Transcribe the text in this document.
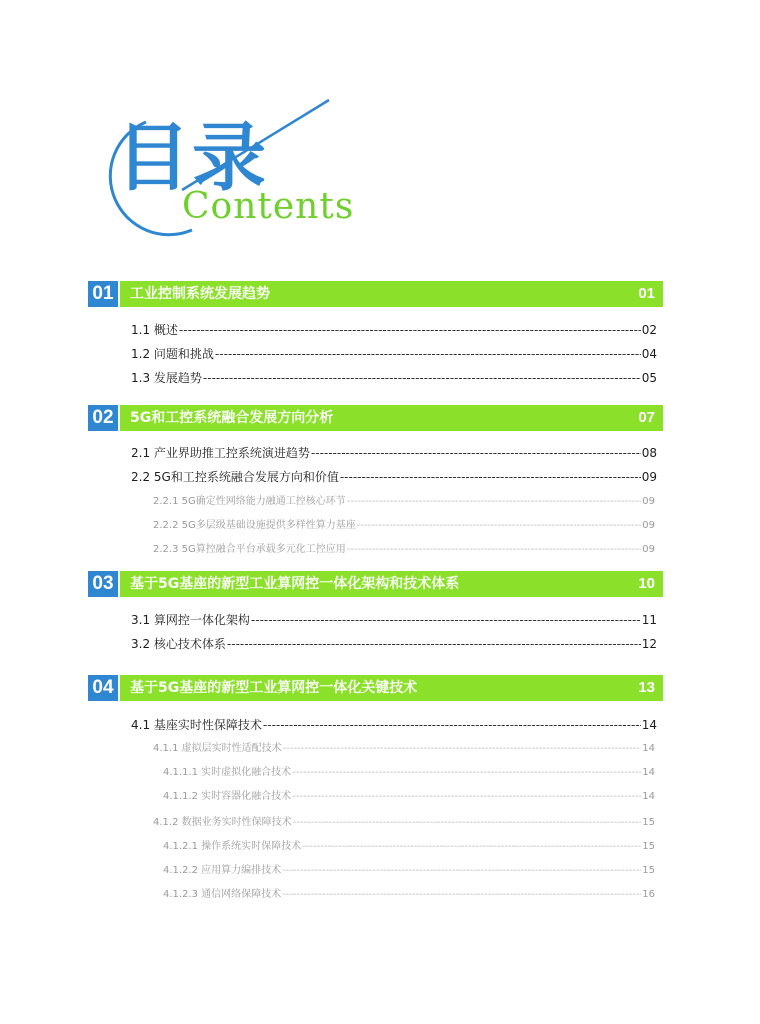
目录
Contents
01	工业控制系统发展趋势	01
1.1 概述 -----	02
1.2 问题和挑战 -----	04
1.3 发展趋势 -----	05
02	5G和工控系统融合发展方向分析	07
2.1 产业界助推工控系统演进趋势 -----	08
2.2 5G和工控系统融合发展方向和价值 -----	09
2.2.1 5G确定性网络能力融通工控核心环节 -----	09
2.2.2 5G多层级基础设施提供多样性算力基座 -----	09
2.2.3 5G算控融合平台承载多元化工控应用 -----	09
03	基于5G基座的新型工业算网控一体化架构和技术体系	10
3.1 算网控一体化架构 -----	11
3.2 核心技术体系 -----	12
04	基于5G基座的新型工业算网控一体化关键技术	13
4.1 基座实时性保障技术 -----	14
4.1.1 虚拟层实时性适配技术 -----	14
4.1.1.1 实时虚拟化融合技术 -----	14
4.1.1.2 实时容器化融合技术 -----	14
4.1.2 数据业务实时性保障技术 -----	15
4.1.2.1 操作系统实时保障技术 -----	15
4.1.2.2 应用算力编排技术 -----	15
4.1.2.3 通信网络保障技术 -----	16
